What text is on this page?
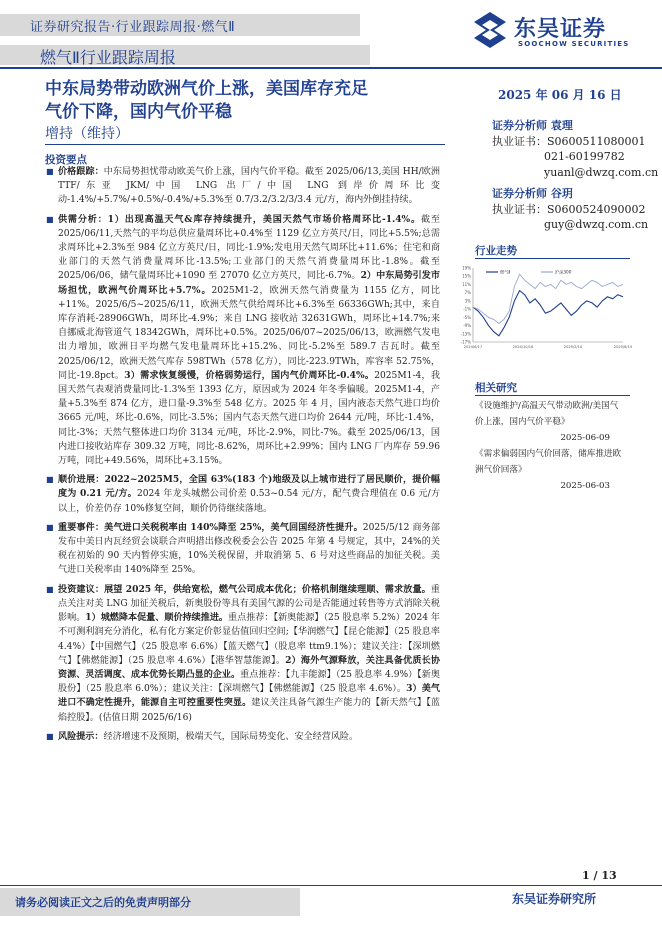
证券研究报告·行业跟踪周报·燃气Ⅱ	东吴证券
SOOCHOW SECURITIES
燃气Ⅱ行业跟踪周报
中东局势带动欧洲气价上涨，美国库存充足
气价下降，国内气价平稳
2025 年 06 月 16 日
增持（维持）
证券分析师 袁理
执业证书：S0600511080001
021-60199782
yuanl@dwzq.com.cn
证券分析师 谷玥
执业证书：S0600524090002
guy@dwzq.com.cn
投资要点

■ 价格跟踪：中东局势担忧带动欧美气价上涨，国内气价平稳。截至 2025/06/13,美国 HH/欧洲 TTF/东亚 JKM/中国 LNG 出厂/中国 LNG 到岸价周环比变动-1.4%/+5.7%/+0.5%/-0.4%/+5.3%至 0.7/3.2/3.2/3/3.4 元/方，海内外倒挂持续。

■ 供需分析：1）出现高温天气&库存持续提升，美国天然气市场价格周环比-1.4%。截至 2025/06/11,天然气的平均总供应量周环比+0.4%至 1129 亿立方英尺/日，同比+5.5%;总需求周环比+2.3%至 984 亿立方英尺/日，同比-1.9%;发电用天然气周环比+11.6%；住宅和商业部门的天然气消费量周环比-13.5%;工业部门的天然气消费量周环比-1.8%。截至 2025/06/06，储气量周环比+1090 至 27070 亿立方英尺，同比-6.7%。2）中东局势引发市场担忧，欧洲气价周环比+5.7%。2025M1-2，欧洲天然气消费量为 1155 亿方，同比+11%。2025/6/5~2025/6/11，欧洲天然气供给周环比+6.3%至 66336GWh;其中，来自库存消耗-28906GWh，周环比-4.9%；来自 LNG 接收站 32631GWh，周环比+14.7%;来自挪威北海管道气 18342GWh，周环比+0.5%。2025/06/07~2025/06/13，欧洲燃气发电出力增加，欧洲日平均燃气发电量周环比+15.2%、同比-5.2%至 589.7 吉瓦时。截至 2025/06/12，欧洲天然气库存 598TWh（578 亿方），同比-223.9TWh，库容率 52.75%，同比-19.8pct。3）需求恢复缓慢，价格弱势运行，国内气价周环比-0.4%。2025M1-4，我国天然气表观消费量同比-1.3%至 1393 亿方，原因或为 2024 年冬季偏暖。2025M1-4，产量+5.3%至 874 亿方，进口量-9.3%至 548 亿方。2025 年 4 月，国内液态天然气进口均价 3665 元/吨，环比-0.6%，同比-3.5%；国内气态天然气进口均价 2644 元/吨，环比-1.4%，同比-3%；天然气整体进口均价 3134 元/吨，环比-2.9%，同比-7%。截至 2025/06/13，国内进口接收站库存 309.32 万吨，同比-8.62%，周环比+2.99%；国内 LNG 厂内库存 59.96 万吨，同比+49.56%，周环比+3.15%。

■ 顺价进展：2022~2025M5，全国 63%(183 个)地级及以上城市进行了居民顺价，提价幅度为 0.21 元/方。2024 年龙头城燃公司价差 0.53~0.54 元/方，配气费合理值在 0.6 元/方以上，价差仍存 10%修复空间，顺价仍待继续落地。

■ 重要事件：美气进口关税税率由 140%降至 25%，美气回国经济性提升。2025/5/12 商务部发布中美日内瓦经贸会谈联合声明措出修改税委会公告 2025 年第 4 号规定，其中，24%的关税在初始的 90 天内暂停实施，10%关税保留，并取消第 5、6 号对这些商品的加征关税。美气进口关税率由 140%降至 25%。

■ 投资建议：展望 2025 年，供给宽松，燃气公司成本优化；价格机制继续理顺、需求放量。重点关注对美 LNG 加征关税后，新奥股份等具有美国气源的公司是否能通过转售等方式消除关税影响。1）城燃降本促量、顺价持续推进。重点推荐：【新奥能源】（25 股息率 5.2%）2024 年不可测利润充分消化，私有化方案定价彰显估值回归空间;【华润燃气】【昆仑能源】（25 股息率 4.4%）【中国燃气】（25 股息率 6.6%）【蓝天燃气】（股息率 ttm9.1%）；建议关注：【深圳燃气】【佛燃能源】（25 股息率 4.6%）【港华智慧能源】。2）海外气源释放，关注具备优质长协资源、灵活调度、成本优势长期凸显的企业。重点推荐：【九丰能源】（25 股息率 4.9%）【新奥股份】（25 股息率 6.0%）；建议关注：【深圳燃气】【佛燃能源】（25 股息率 4.6%）。3）美气进口不确定性提升，能源自主可控重要性突显。建议关注具备气源生产能力的【新天然气】【蓝焰控股】。(估值日期 2025/6/16)

■ 风险提示：经济增速不及预期，极端天气，国际局势变化、安全经营风险。

行业走势
19%
15%
11%
7%
3%
-1%
-5%
-9%
-13%
-17%
2024/6/17	2024/10/16	2025/2/14	2025/6/15
燃气Ⅱ	沪深300
相关研究
《设施维护/高温天气带动欧洲/美国气价上涨，国内气价平稳》
2025-06-09
《需求偏弱国内气价回落，储库推进欧洲气价回落》
2025-06-03
1 / 13
请务必阅读正文之后的免责声明部分	东吴证券研究所
